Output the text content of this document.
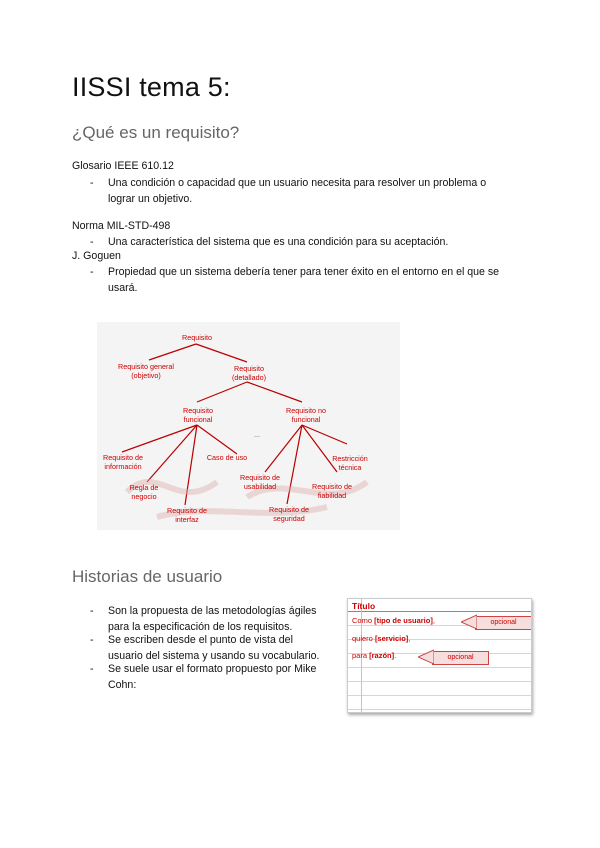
IISSI tema 5:
¿Qué es un requisito?
Glosario IEEE 610.12
- Una condición o capacidad que un usuario necesita para resolver un problema o
lograr un objetivo.
Norma MIL-STD-498
- Una característica del sistema que es una condición para su aceptación.
J. Goguen
- Propiedad que un sistema debería tener para tener éxito en el entorno en el que se
usará.
Requisito
Requisito general
(objetivo)
Requisito
(detallado)
Requisito
funcional
Requisito no
funcional
Requisito de
información
Regla de
negocio
Requisito de
interfaz
Caso de uso
...
Requisito de
usabilidad
Requisito de
seguridad
Requisito de
fiabilidad
Restricción
técnica
Historias de usuario
- Son la propuesta de las metodologías ágiles
para la especificación de los requisitos.
- Se escriben desde el punto de vista del
usuario del sistema y usando su vocabulario.
- Se suele usar el formato propuesto por Mike
Cohn:
Título
Como [tipo de usuario],
quiero [servicio],
para [razón].
opcional
opcional
